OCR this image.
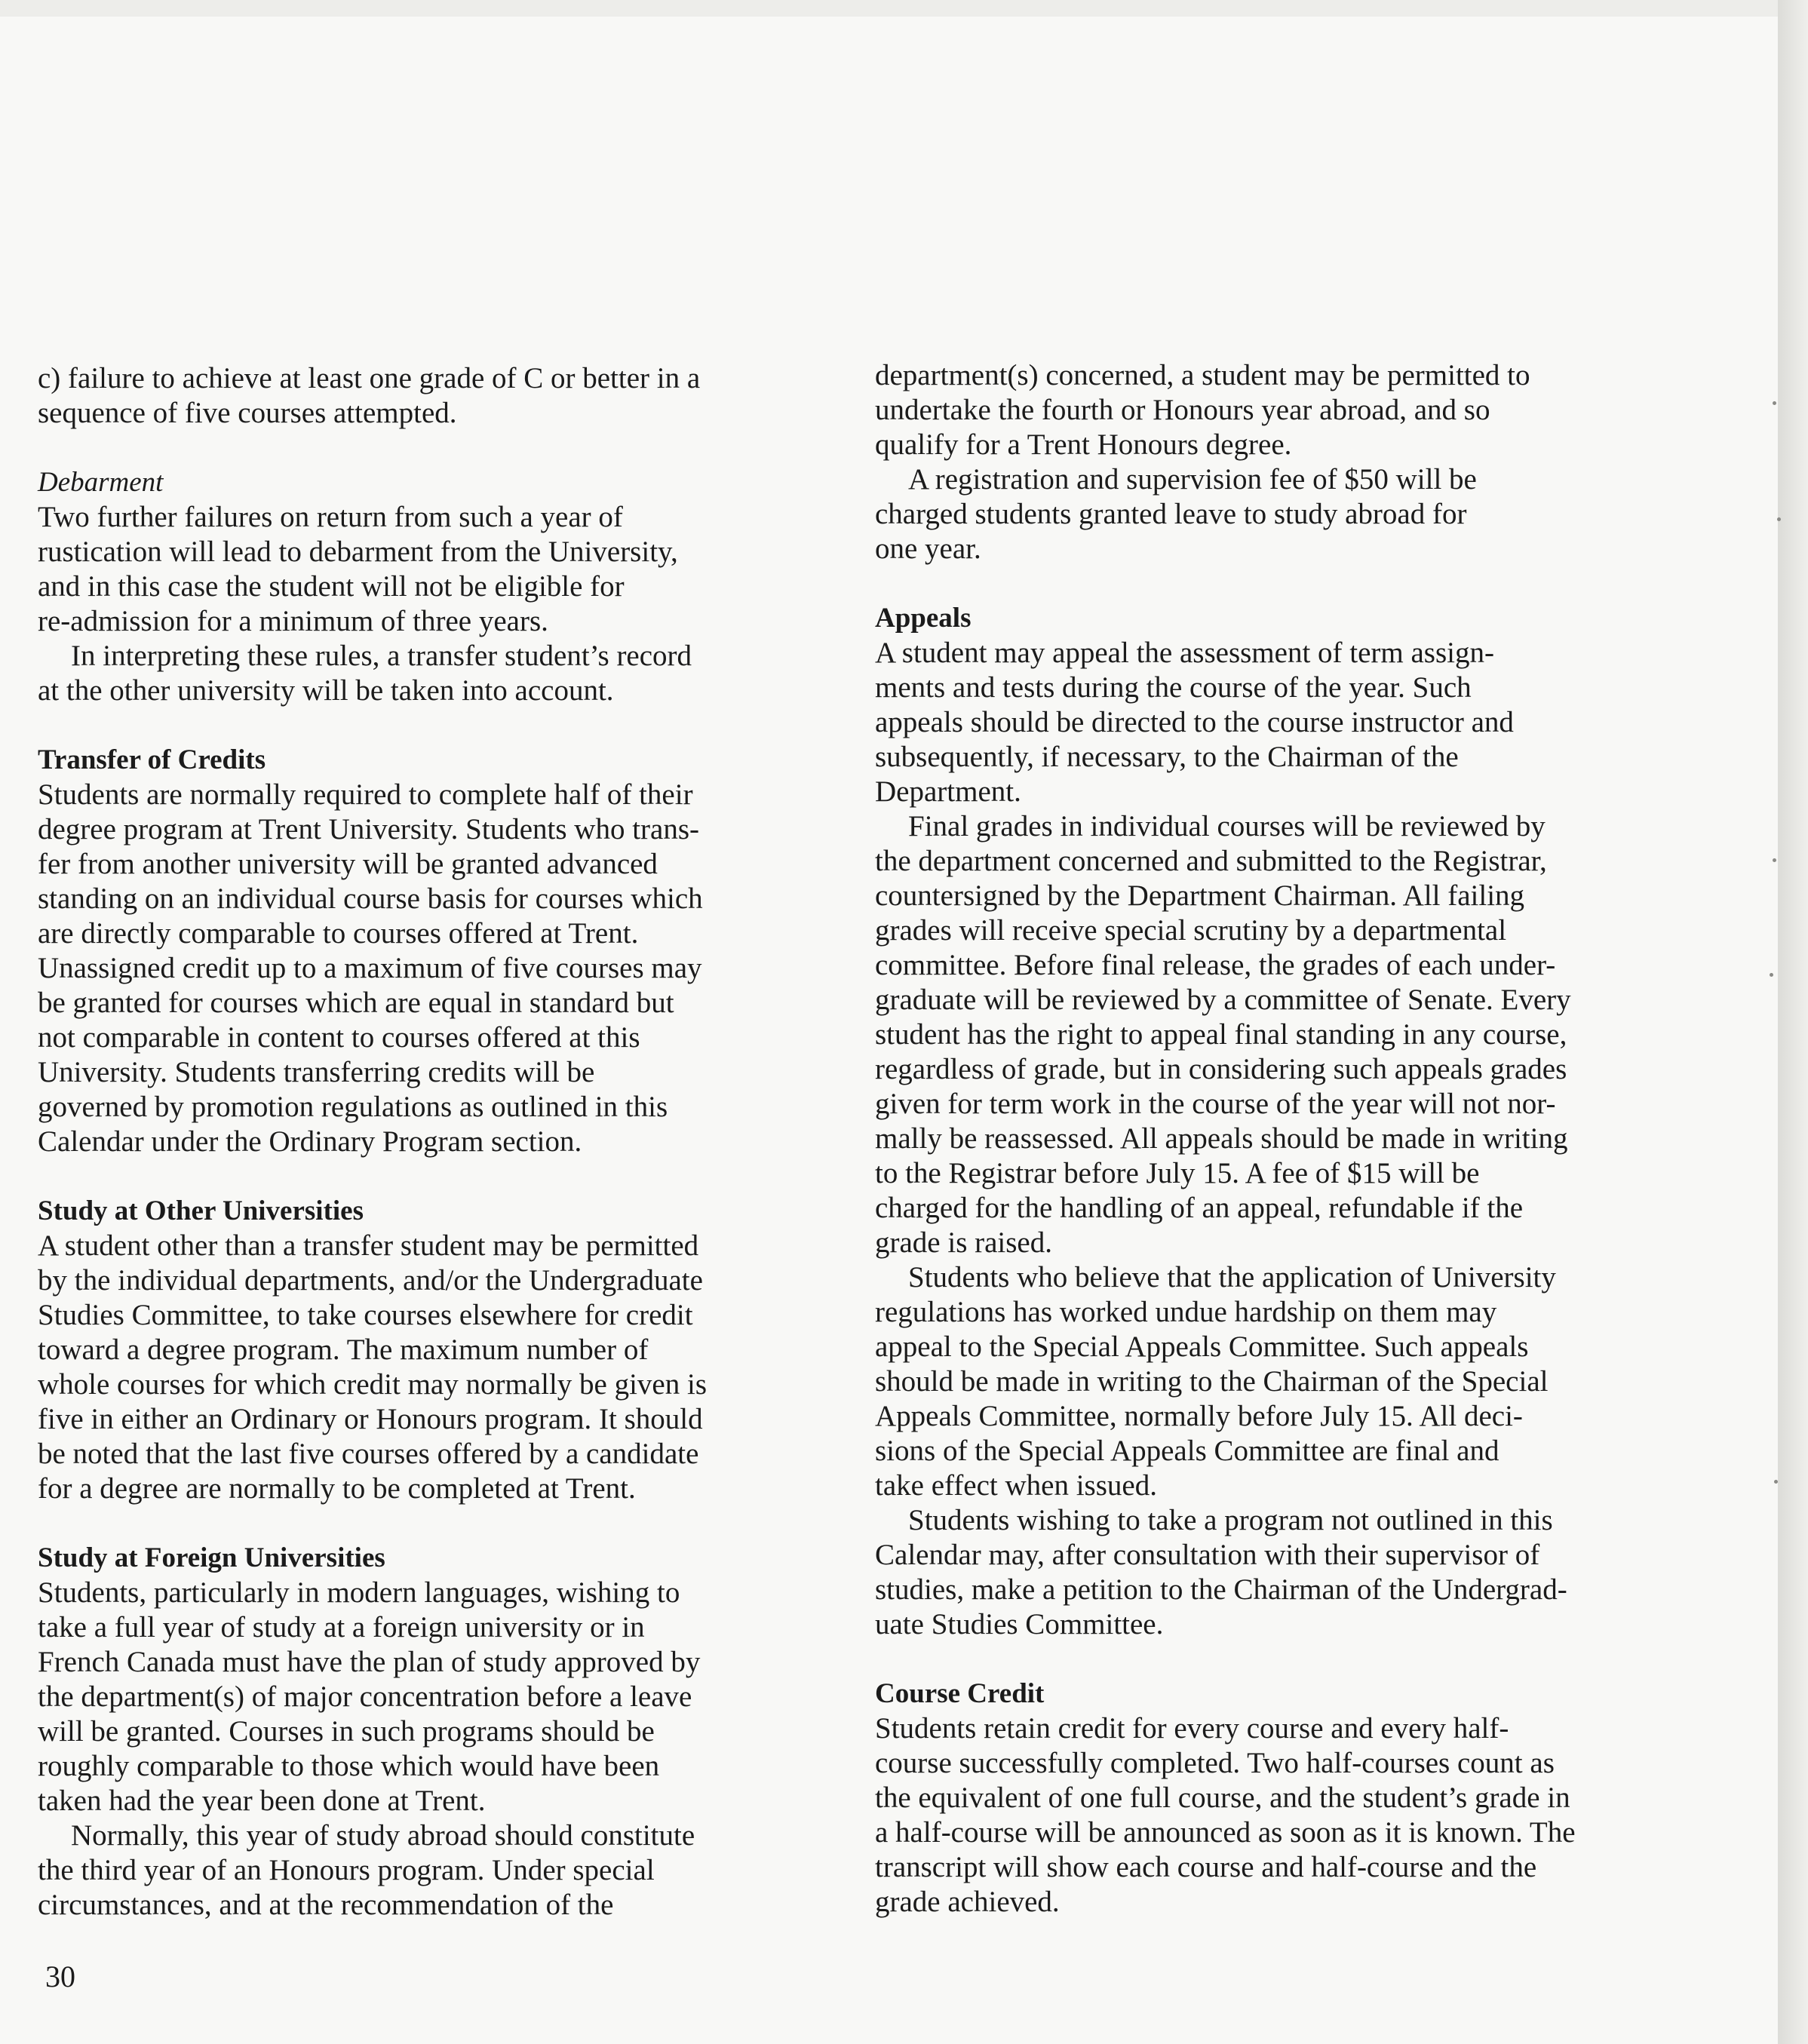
c) failure to achieve at least one grade of C or better in a
sequence of five courses attempted.

Debarment

Two further failures on return from such a year of
rustication will lead to debarment from the University,
and in this case the student will not be eligible for
re-admission for a minimum of three years.

In interpreting these rules, a transfer student’s record
at the other university will be taken into account.

Transfer of Credits

Students are normally required to complete half of their
degree program at Trent University. Students who trans-
fer from another university will be granted advanced
standing on an individual course basis for courses which
are directly comparable to courses offered at Trent.
Unassigned credit up to a maximum of five courses may
be granted for courses which are equal in standard but
not comparable in content to courses offered at this
University. Students transferring credits will be
governed by promotion regulations as outlined in this
Calendar under the Ordinary Program section.

Study at Other Universities

A student other than a transfer student may be permitted
by the individual departments, and/or the Undergraduate
Studies Committee, to take courses elsewhere for credit
toward a degree program. The maximum number of
whole courses for which credit may normally be given is
five in either an Ordinary or Honours program. It should
be noted that the last five courses offered by a candidate
for a degree are normally to be completed at Trent.

Study at Foreign Universities

Students, particularly in modern languages, wishing to
take a full year of study at a foreign university or in
French Canada must have the plan of study approved by
the department(s) of major concentration before a leave
will be granted. Courses in such programs should be
roughly comparable to those which would have been
taken had the year been done at Trent.

Normally, this year of study abroad should constitute
the third year of an Honours program. Under special
circumstances, and at the recommendation of the

department(s) concerned, a student may be permitted to
undertake the fourth or Honours year abroad, and so
qualify for a Trent Honours degree.

A registration and supervision fee of $50 will be
charged students granted leave to study abroad for
one year.

Appeals

A student may appeal the assessment of term assign-
ments and tests during the course of the year. Such
appeals should be directed to the course instructor and
subsequently, if necessary, to the Chairman of the
Department.

Final grades in individual courses will be reviewed by
the department concerned and submitted to the Registrar,
countersigned by the Department Chairman. All failing
grades will receive special scrutiny by a departmental
committee. Before final release, the grades of each under-
graduate will be reviewed by a committee of Senate. Every
student has the right to appeal final standing in any course,
regardless of grade, but in considering such appeals grades
given for term work in the course of the year will not nor-
mally be reassessed. All appeals should be made in writing
to the Registrar before July 15. A fee of $15 will be
charged for the handling of an appeal, refundable if the
grade is raised.

Students who believe that the application of University
regulations has worked undue hardship on them may
appeal to the Special Appeals Committee. Such appeals
should be made in writing to the Chairman of the Special
Appeals Committee, normally before July 15. All deci-
sions of the Special Appeals Committee are final and
take effect when issued.

Students wishing to take a program not outlined in this
Calendar may, after consultation with their supervisor of
studies, make a petition to the Chairman of the Undergrad-
uate Studies Committee.

Course Credit

Students retain credit for every course and every half-
course successfully completed. Two half-courses count as
the equivalent of one full course, and the student’s grade in
a half-course will be announced as soon as it is known. The
transcript will show each course and half-course and the
grade achieved.

30
